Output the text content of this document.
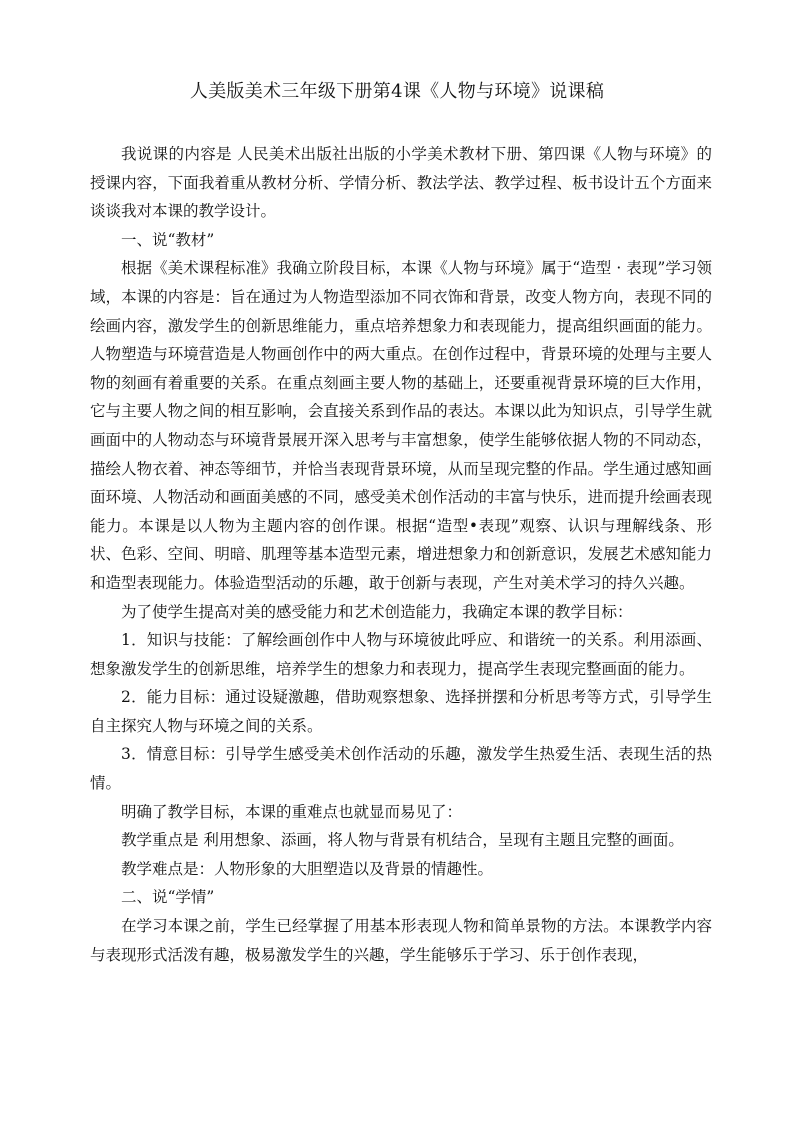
人美版美术三年级下册第4课《人物与环境》说课稿

我说课的内容是 人民美术出版社出版的小学美术教材下册、第四课《人物与环境》的授课内容，下面我着重从教材分析、学情分析、教法学法、教学过程、板书设计五个方面来谈谈我对本课的教学设计。

一、说“教材”

根据《美术课程标准》我确立阶段目标，本课《人物与环境》属于“造型 · 表现”学习领域，本课的内容是：旨在通过为人物造型添加不同衣饰和背景，改变人物方向，表现不同的绘画内容，激发学生的创新思维能力，重点培养想象力和表现能力，提高组织画面的能力。人物塑造与环境营造是人物画创作中的两大重点。在创作过程中，背景环境的处理与主要人物的刻画有着重要的关系。在重点刻画主要人物的基础上，还要重视背景环境的巨大作用，它与主要人物之间的相互影响，会直接关系到作品的表达。本课以此为知识点，引导学生就画面中的人物动态与环境背景展开深入思考与丰富想象，使学生能够依据人物的不同动态，描绘人物衣着、神态等细节，并恰当表现背景环境，从而呈现完整的作品。学生通过感知画面环境、人物活动和画面美感的不同，感受美术创作活动的丰富与快乐，进而提升绘画表现能力。本课是以人物为主题内容的创作课。根据“造型•表现”观察、认识与理解线条、形状、色彩、空间、明暗、肌理等基本造型元素，增进想象力和创新意识，发展艺术感知能力和造型表现能力。体验造型活动的乐趣，敢于创新与表现，产生对美术学习的持久兴趣。

为了使学生提高对美的感受能力和艺术创造能力，我确定本课的教学目标：

1．知识与技能：了解绘画创作中人物与环境彼此呼应、和谐统一的关系。利用添画、想象激发学生的创新思维，培养学生的想象力和表现力，提高学生表现完整画面的能力。

2．能力目标：通过设疑激趣，借助观察想象、选择拼摆和分析思考等方式，引导学生自主探究人物与环境之间的关系。

3．情意目标：引导学生感受美术创作活动的乐趣，激发学生热爱生活、表现生活的热情。

明确了教学目标，本课的重难点也就显而易见了：

教学重点是 利用想象、添画，将人物与背景有机结合，呈现有主题且完整的画面。

教学难点是：人物形象的大胆塑造以及背景的情趣性。

二、说“学情”

在学习本课之前，学生已经掌握了用基本形表现人物和简单景物的方法。本课教学内容与表现形式活泼有趣，极易激发学生的兴趣，学生能够乐于学习、乐于创作表现，
